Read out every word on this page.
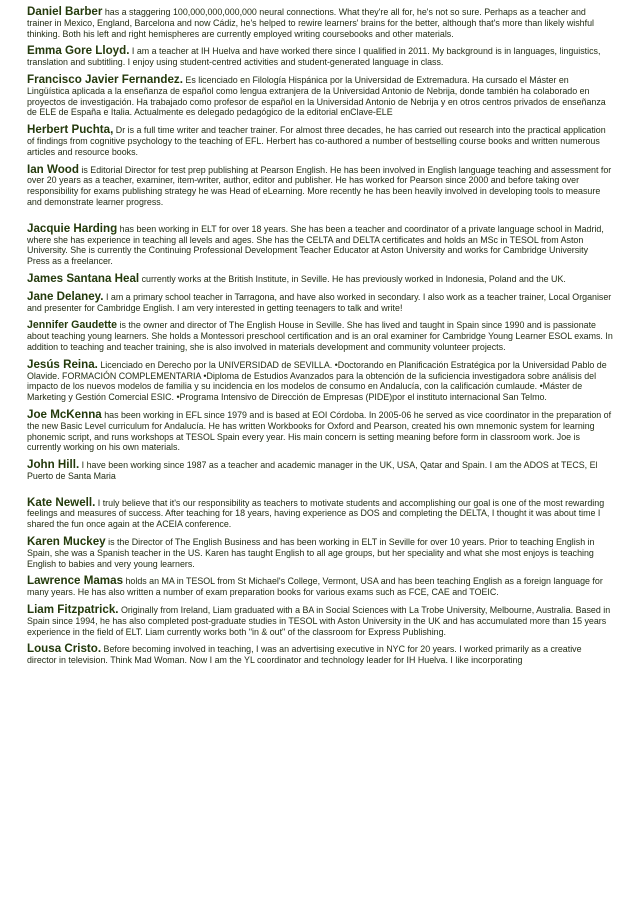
Daniel Barber has a staggering 100,000,000,000,000 neural connections. What they're all for, he's not so sure. Perhaps as a teacher and trainer in Mexico, England, Barcelona and now Cádiz, he's helped to rewire learners' brains for the better, although that's more than likely wishful thinking. Both his left and right hemispheres are currently employed writing coursebooks and other materials.

Emma Gore Lloyd. I am a teacher at IH Huelva and have worked there since I qualified in 2011. My background is in languages, linguistics, translation and subtitling. I enjoy using student-centred activities and student-generated language in class.

Francisco Javier Fernandez. Es licenciado en Filología Hispánica por la Universidad de Extremadura. Ha cursado el Máster en Lingüística aplicada a la enseñanza de español como lengua extranjera de la Universidad Antonio de Nebrija, donde también ha colaborado en proyectos de investigación. Ha trabajado como profesor de español en la Universidad Antonio de Nebrija y en otros centros privados de enseñanza de ELE de España e Italia. Actualmente es delegado pedagógico de la editorial enClave-ELE

Herbert Puchta, Dr is a full time writer and teacher trainer. For almost three decades, he has carried out research into the practical application of findings from cognitive psychology to the teaching of EFL. Herbert has co-authored a number of bestselling course books and written numerous articles and resource books.

Ian Wood is Editorial Director for test prep publishing at Pearson English. He has been involved in English language teaching and assessment for over 20 years as a teacher, examiner, item-writer, author, editor and publisher. He has worked for Pearson since 2000 and before taking over responsibility for exams publishing strategy he was Head of eLearning. More recently he has been heavily involved in developing tools to measure and demonstrate learner progress.

Jacquie Harding has been working in ELT for over 18 years. She has been a teacher and coordinator of a private language school in Madrid, where she has experience in teaching all levels and ages. She has the CELTA and DELTA certificates and holds an MSc in TESOL from Aston University. She is currently the Continuing Professional Development Teacher Educator at Aston University and works for Cambridge University Press as a freelancer.

James Santana Heal currently works at the British Institute, in Seville. He has previously worked in Indonesia, Poland and the UK.

Jane Delaney. I am a primary school teacher in Tarragona, and have also worked in secondary. I also work as a teacher trainer, Local Organiser and presenter for Cambridge English. I am very interested in getting teenagers to talk and write!

Jennifer Gaudette is the owner and director of The English House in Seville. She has lived and taught in Spain since 1990 and is passionate about teaching young learners. She holds a Montessori preschool certification and is an oral examiner for Cambridge Young Learner ESOL exams. In addition to teaching and teacher training, she is also involved in materials development and community volunteer projects.

Jesús Reina. Licenciado en Derecho por la UNIVERSIDAD de SEVILLA. •Doctorando en Planificación Estratégica por la Universidad Pablo de Olavide. FORMACIÓN COMPLEMENTARIA •Diploma de Estudios Avanzados para la obtención de la suficiencia investigadora sobre análisis del impacto de los nuevos modelos de familia y su incidencia en los modelos de consumo en Andalucía, con la calificación cumlaude. •Máster de Marketing y Gestión Comercial ESIC. •Programa Intensivo de Dirección de Empresas (PIDE)por el instituto internacional San Telmo.

Joe McKenna has been working in EFL since 1979 and is based at EOI Córdoba. In 2005-06 he served as vice coordinator in the preparation of the new Basic Level curriculum for Andalucía. He has written Workbooks for Oxford and Pearson, created his own mnemonic system for learning phonemic script, and runs workshops at TESOL Spain every year. His main concern is setting meaning before form in classroom work. Joe is currently working on his own materials.

John Hill. I have been working since 1987 as a teacher and academic manager in the UK, USA, Qatar and Spain. I am the ADOS at TECS, El Puerto de Santa Maria

Kate Newell. I truly believe that it's our responsibility as teachers to motivate students and accomplishing our goal is one of the most rewarding feelings and measures of success. After teaching for 18 years, having experience as DOS and completing the DELTA, I thought it was about time I shared the fun once again at the ACEIA conference.

Karen Muckey is the Director of The English Business and has been working in ELT in Seville for over 10 years. Prior to teaching English in Spain, she was a Spanish teacher in the US. Karen has taught English to all age groups, but her speciality and what she most enjoys is teaching English to babies and very young learners.

Lawrence Mamas holds an MA in TESOL from St Michael's College, Vermont, USA and has been teaching English as a foreign language for many years. He has also written a number of exam preparation books for various exams such as FCE, CAE and TOEIC.

Liam Fitzpatrick. Originally from Ireland, Liam graduated with a BA in Social Sciences with La Trobe University, Melbourne, Australia. Based in Spain since 1994, he has also completed post-graduate studies in TESOL with Aston University in the UK and has accumulated more than 15 years experience in the field of ELT. Liam currently works both "in & out" of the classroom for Express Publishing.

Lousa Cristo. Before becoming involved in teaching, I was an advertising executive in NYC for 20 years. I worked primarily as a creative director in television. Think Mad Woman. Now I am the YL coordinator and technology leader for IH Huelva. I like incorporating
